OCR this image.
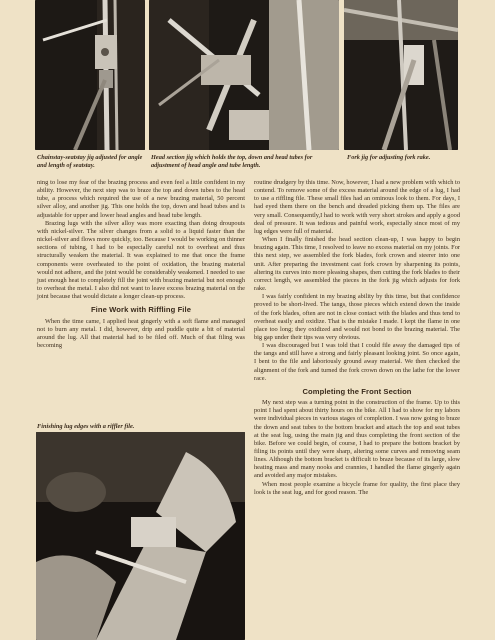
Chainstay-seatstay jig adjusted for angle and length of seatstay.
Head section jig which holds the top, down and head tubes for adjustment of head angle and tube length.
Fork jig for adjusting fork rake.

ning to lose my fear of the brazing process and even feel a little confident in my ability. However, the next step was to braze the top and down tubes to the head tube, a process which required the use of a new brazing material, 50 percent silver alloy, and another jig. This one holds the top, down and head tubes and is adjustable for upper and lower head angles and head tube length.

Brazing lugs with the silver alloy was more exacting than doing droupouts with nickel-silver. The silver changes from a solid to a liquid faster than the nickel-silver and flows more quickly, too. Because I would be working on thinner sections of tubing, I had to be especially careful not to overheat and thus structurally weaken the material. It was explained to me that once the frame components were overheated to the point of oxidation, the brazing material would not adhere, and the joint would be considerably weakened. I needed to use just enough heat to completely fill the joint with brazing material but not enough to overheat the metal. I also did not want to leave excess brazing material on the joint because that would dictate a longer clean-up process.

Fine Work with Riffling File

When the time came, I applied heat gingerly with a soft flame and managed not to burn any metal. I did, however, drip and puddle quite a bit of material around the lug. All that material had to be filed off. Much of that filing was becoming

Finishing lug edges with a riffler file.

routine drudgery by this time. Now, however, I had a new problem with which to contend. To remove some of the excess material around the edge of a lug, I had to use a riffling file. These small files had an ominous look to them. For days, I had eyed them there on the bench and dreaded picking them up. The files are very small. Consequently,I had to work with very short strokes and apply a good deal of pressure. It was tedious and painful work, especially since most of my lug edges were full of material.

When I finally finished the head section clean-up, I was happy to begin brazing again. This time, I resolved to leave no excess material on my joints. For this next step, we assembled the fork blades, fork crown and steerer into one unit. After preparing the investment cast fork crown by sharpening its points, altering its curves into more pleasing shapes, then cutting the fork blades to their correct length, we assembled the pieces in the fork jig which adjusts for fork rake.

I was fairly confident in my brazing ability by this time, but that confidence proved to be short-lived. The tangs, those pieces which extend down the inside of the fork blades, often are not in close contact with the blades and thus tend to overheat easily and oxidize. That is the mistake I made. I kept the flame in one place too long; they oxidized and would not bond to the brazing material. The big gap under their tips was very obvious.

I was discouraged but I was told that I could file away the damaged tips of the tangs and still have a strong and fairly pleasant looking joint. So once again, I bent to the file and laboriously ground away material. We then checked the alignment of the fork and turned the fork crown down on the lathe for the lower race.

Completing the Front Section

My next step was a turning point in the construction of the frame. Up to this point I had spent about thirty hours on the bike. All I had to show for my labors were individual pieces in various stages of completion. I was now going to braze the down and seat tubes to the bottom bracket and attach the top and seat tubes at the seat lug, using the main jig and thus completing the front section of the bike. Before we could begin, of course, I had to prepare the bottom bracket by filing its points until they were sharp, altering some curves and removing seam lines. Although the bottom bracket is difficult to braze because of its large, slow heating mass and many nooks and crannies, I handled the flame gingerly again and avoided any major mistakes.

When most people examine a bicycle frame for quality, the first place they look is the seat lug, and for good reason. The
